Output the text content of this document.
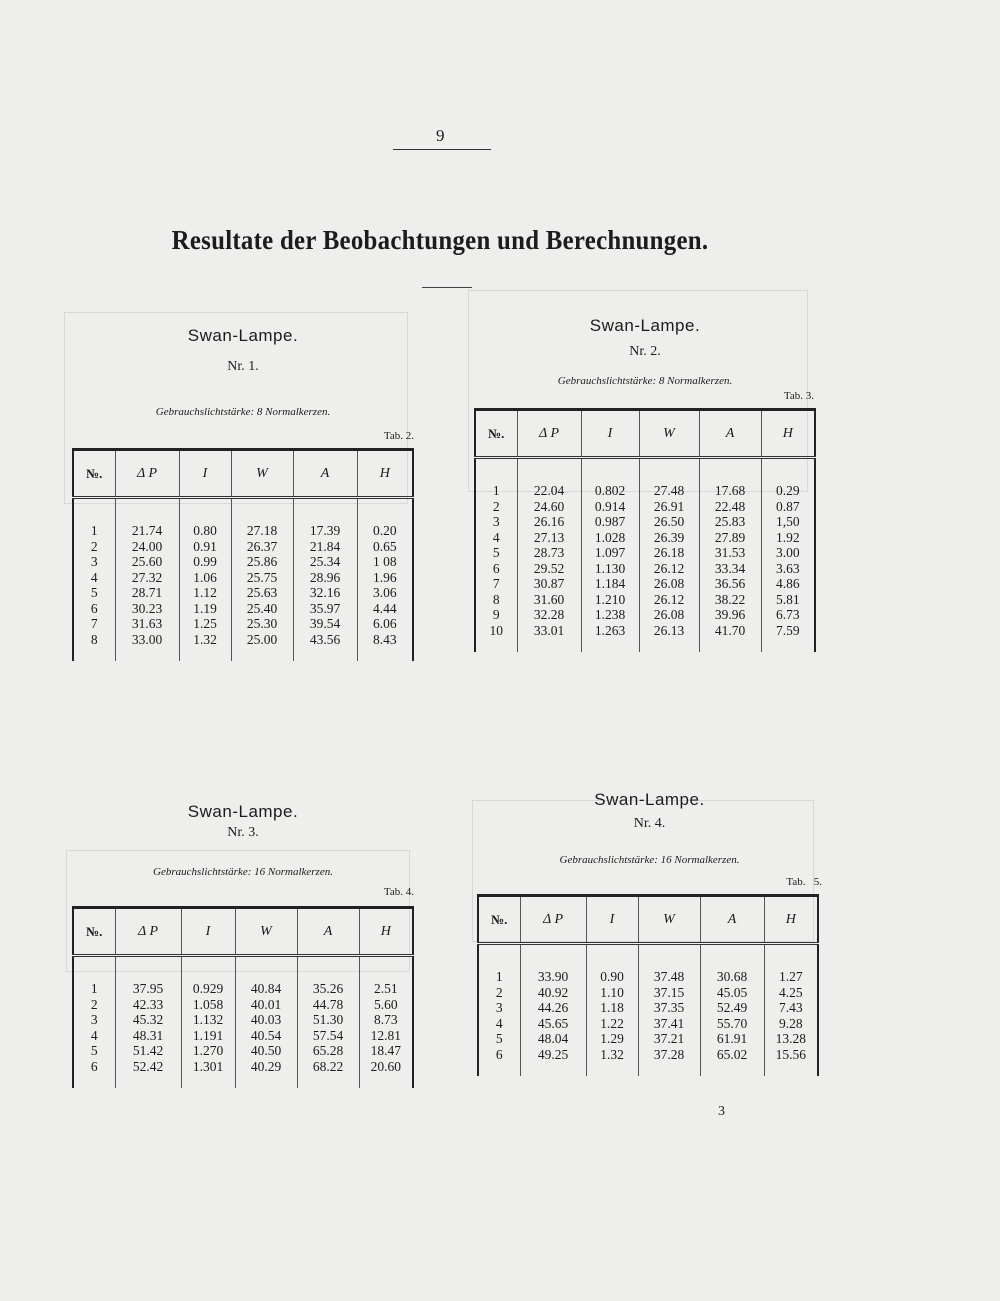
9
Resultate der Beobachtungen und Berechnungen.
Swan-Lampe.
Nr. 1.
Gebrauchslichtstärke: 8 Normalkerzen.
Tab. 2.
№.	Δ P	I	W	A	H

1	21.74	0.80	27.18	17.39	0.20
2	24.00	0.91	26.37	21.84	0.65
3	25.60	0.99	25.86	25.34	1 08
4	27.32	1.06	25.75	28.96	1.96
5	28.71	1.12	25.63	32.16	3.06
6	30.23	1.19	25.40	35.97	4.44
7	31.63	1.25	25.30	39.54	6.06
8	33.00	1.32	25.00	43.56	8.43

Swan-Lampe.
Nr. 2.
Gebrauchslichtstärke: 8 Normalkerzen.
Tab. 3.
№.	Δ P	I	W	A	H

1	22.04	0.802	27.48	17.68	0.29
2	24.60	0.914	26.91	22.48	0.87
3	26.16	0.987	26.50	25.83	1,50
4	27.13	1.028	26.39	27.89	1.92
5	28.73	1.097	26.18	31.53	3.00
6	29.52	1.130	26.12	33.34	3.63
7	30.87	1.184	26.08	36.56	4.86
8	31.60	1.210	26.12	38.22	5.81
9	32.28	1.238	26.08	39.96	6.73
10	33.01	1.263	26.13	41.70	7.59

Swan-Lampe.
Nr. 3.
Gebrauchslichtstärke: 16 Normalkerzen.
Tab. 4.
№.	Δ P	I	W	A	H

1	37.95	0.929	40.84	35.26	2.51
2	42.33	1.058	40.01	44.78	5.60
3	45.32	1.132	40.03	51.30	8.73
4	48.31	1.191	40.54	57.54	12.81
5	51.42	1.270	40.50	65.28	18.47
6	52.42	1.301	40.29	68.22	20.60

Swan-Lampe.
Nr. 4.
Gebrauchslichtstärke: 16 Normalkerzen.
Tab.   5.
№.	Δ P	I	W	A	H

1	33.90	0.90	37.48	30.68	1.27
2	40.92	1.10	37.15	45.05	4.25
3	44.26	1.18	37.35	52.49	7.43
4	45.65	1.22	37.41	55.70	9.28
5	48.04	1.29	37.21	61.91	13.28
6	49.25	1.32	37.28	65.02	15.56

3
